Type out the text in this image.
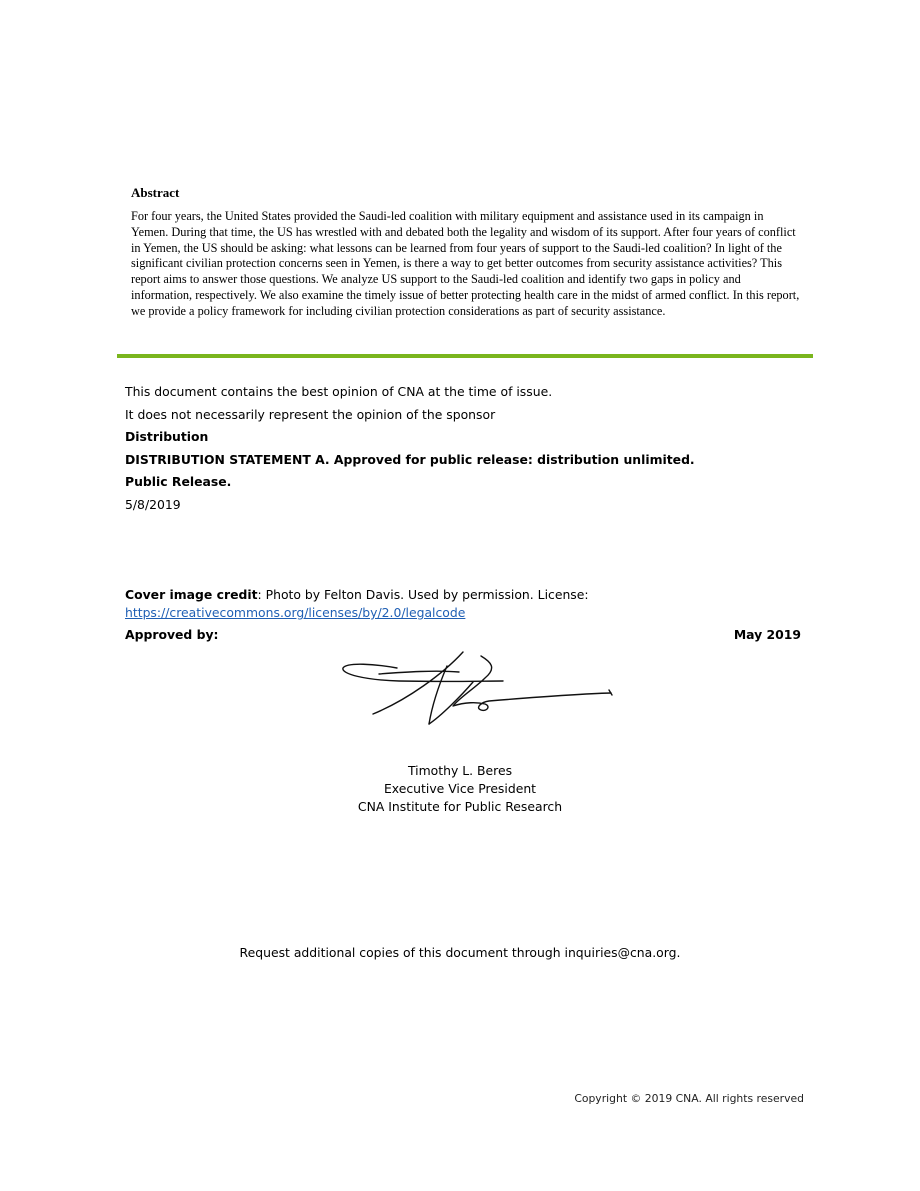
Abstract

For four years, the United States provided the Saudi-led coalition with military equipment and assistance used in its campaign in Yemen. During that time, the US has wrestled with and debated both the legality and wisdom of its support. After four years of conflict in Yemen, the US should be asking: what lessons can be learned from four years of support to the Saudi-led coalition? In light of the significant civilian protection concerns seen in Yemen, is there a way to get better outcomes from security assistance activities? This report aims to answer those questions. We analyze US support to the Saudi-led coalition and identify two gaps in policy and information, respectively. We also examine the timely issue of better protecting health care in the midst of armed conflict. In this report, we provide a policy framework for including civilian protection considerations as part of security assistance.

This document contains the best opinion of CNA at the time of issue.
It does not necessarily represent the opinion of the sponsor
Distribution
DISTRIBUTION STATEMENT A. Approved for public release: distribution unlimited.
Public Release.
5/8/2019
Cover image credit: Photo by Felton Davis. Used by permission. License:
https://creativecommons.org/licenses/by/2.0/legalcode
Approved by:	May 2019
Timothy L. Beres
Executive Vice President
CNA Institute for Public Research
Request additional copies of this document through inquiries@cna.org.
Copyright © 2019 CNA. All rights reserved
